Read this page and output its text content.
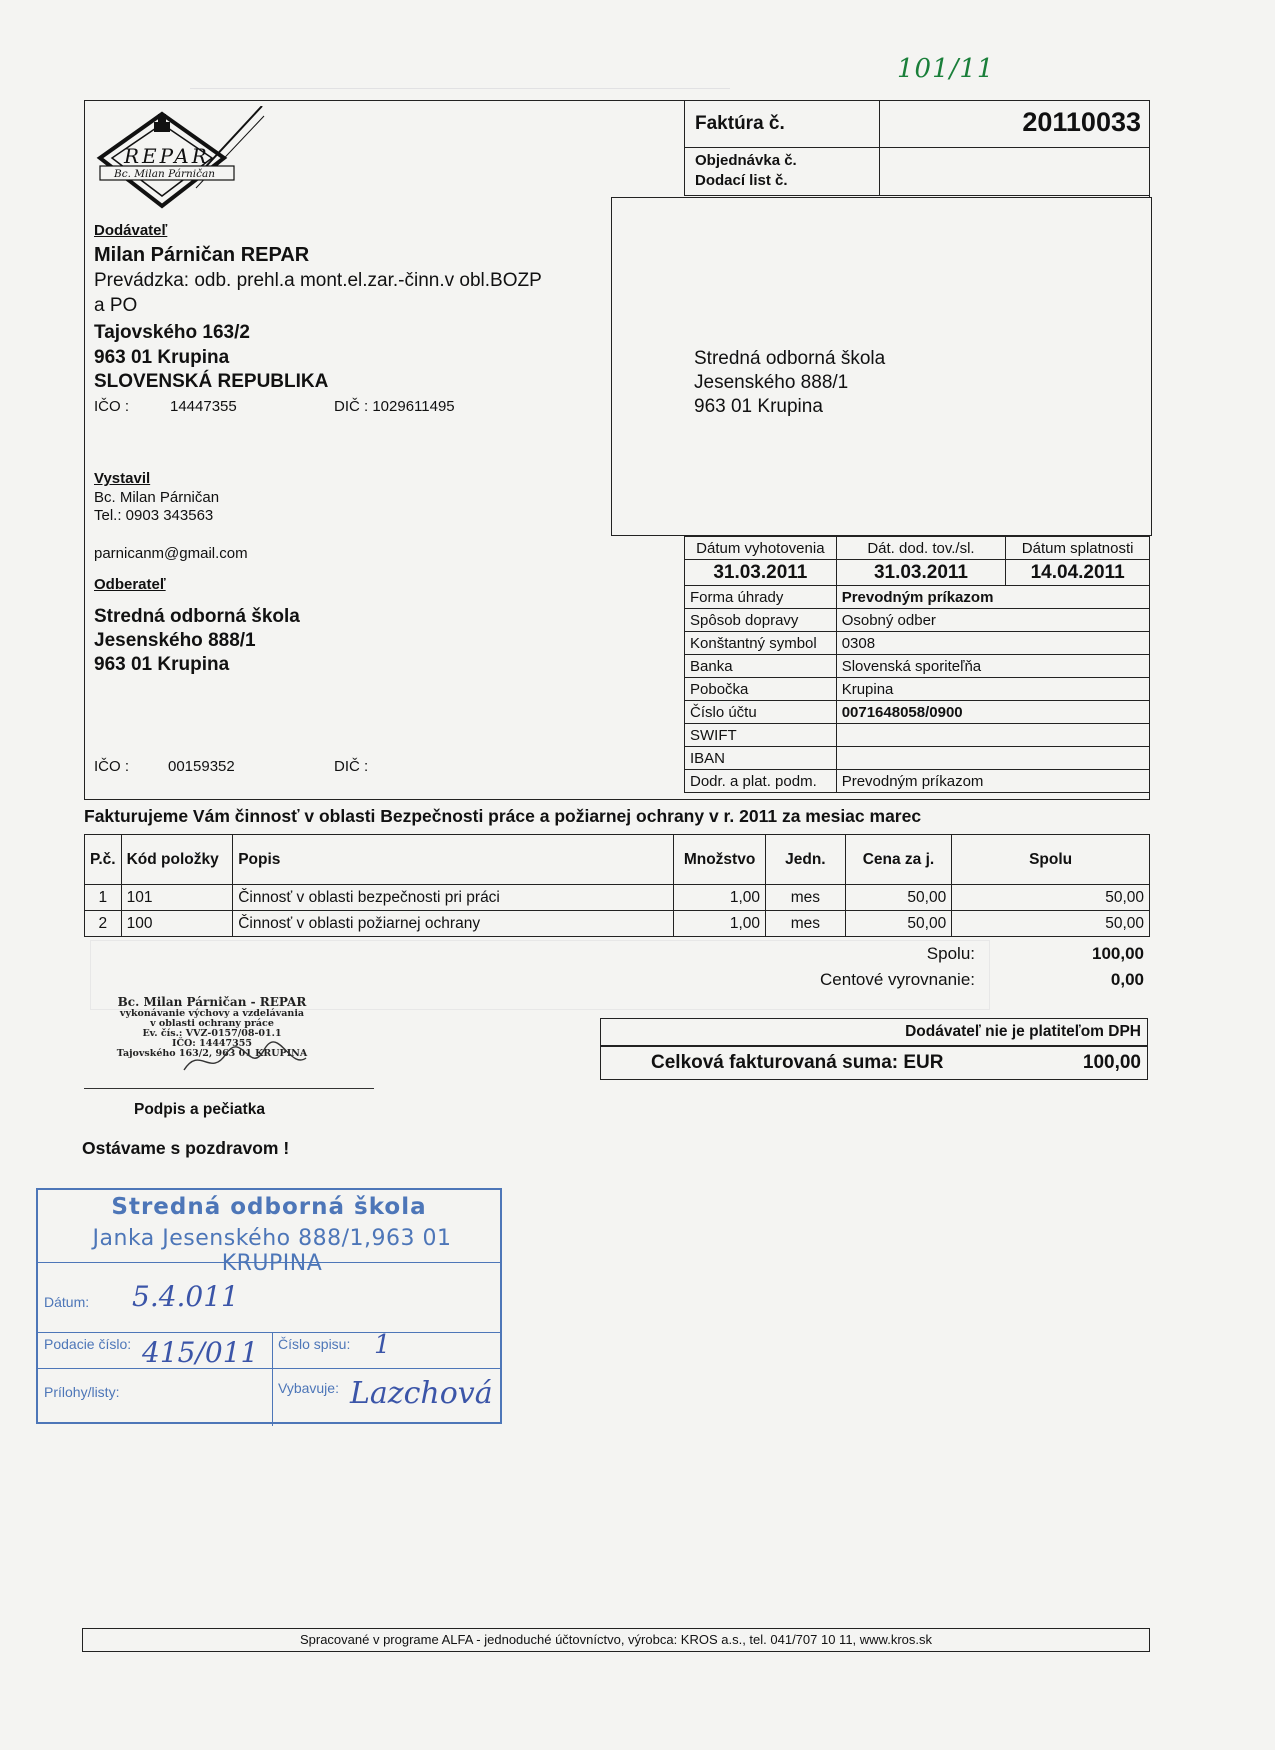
101/11
REPAR
Bc. Milan Párničan
Dodávateľ
Milan Párničan REPAR
Prevádzka: odb. prehl.a mont.el.zar.-činn.v obl.BOZP
a PO
Tajovského 163/2
963 01 Krupina
SLOVENSKÁ REPUBLIKA
IČO :	14447355	DIČ : 1029611495
Vystavil
Bc. Milan Párničan
Tel.: 0903 343563
parnicanm@gmail.com
Odberateľ
Stredná odborná škola
Jesenského 888/1
963 01 Krupina
IČO :	00159352	DIČ :
Faktúra č.	20110033
Objednávka č.
Dodací list č.
Stredná odborná škola
Jesenského 888/1
963 01 Krupina
Dátum vyhotovenia	Dát. dod. tov./sl.	Dátum splatnosti
31.03.2011	31.03.2011	14.04.2011
Forma úhrady	Prevodným príkazom	
Spôsob dopravy	Osobný odber	
Konštantný symbol	0308	
Banka	Slovenská sporiteľňa	
Pobočka	Krupina	
Číslo účtu	0071648058/0900	
SWIFT		
IBAN		
Dodr. a plat. podm.	Prevodným príkazom	
Fakturujeme Vám činnosť v oblasti Bezpečnosti práce a požiarnej ochrany v r. 2011 za mesiac marec
P.č.	Kód položky	Popis	Množstvo	Jedn.	Cena za j.	Spolu
1	101	Činnosť v oblasti bezpečnosti pri práci	1,00	mes	50,00	50,00
2	100	Činnosť v oblasti požiarnej ochrany	1,00	mes	50,00	50,00
Spolu:	100,00
Centové vyrovnanie:	0,00
Dodávateľ nie je platiteľom DPH
Celková fakturovaná suma: EUR	100,00
Bc. Milan Párničan - REPAR
vykonávanie výchovy a vzdelávania
v oblasti ochrany práce
Ev. čís.: VVZ-0157/08-01.1
IČO: 14447355
Tajovského 163/2, 963 01 KRUPINA
Podpis a pečiatka
Ostávame s pozdravom !
Stredná odborná škola
Janka Jesenského 888/1,963 01 KRUPINA
Dátum: 5.4.011
Podacie číslo: 415/011 Číslo spisu: 1
Prílohy/listy:	Vybavuje: Lazchová
Spracované v programe ALFA - jednoduché účtovníctvo, výrobca: KROS a.s., tel. 041/707 10 11, www.kros.sk
